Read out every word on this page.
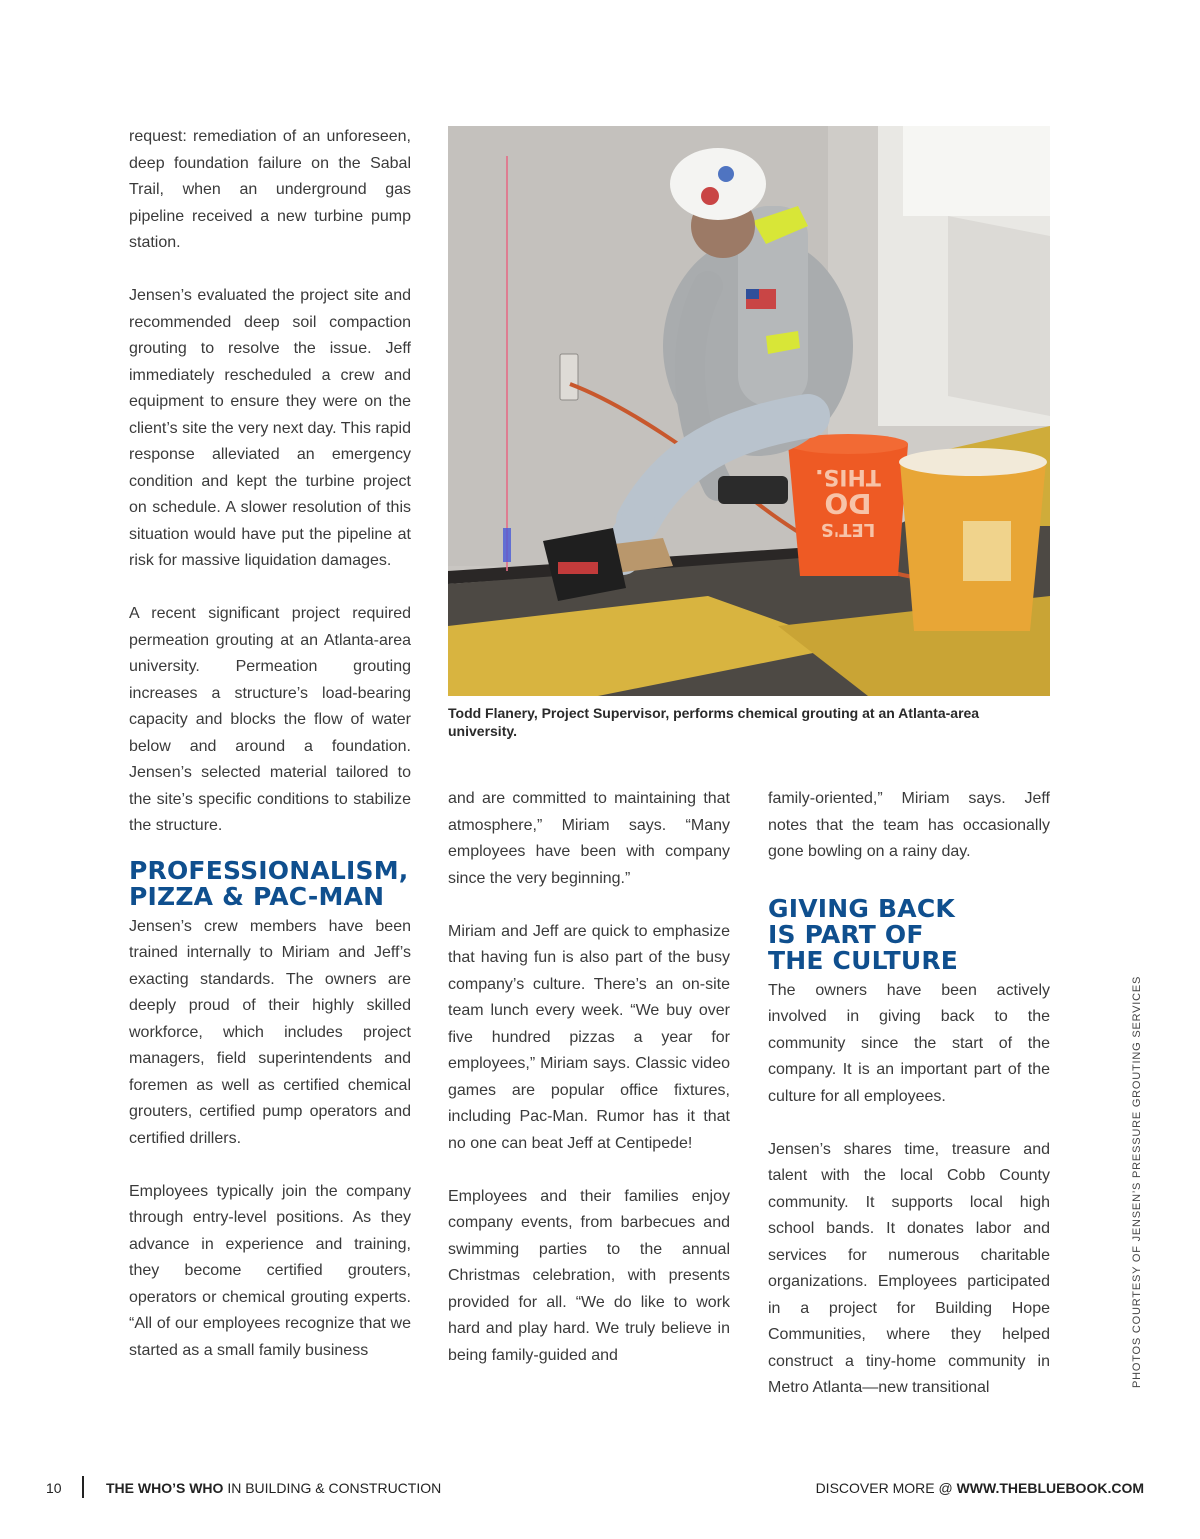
request: remediation of an unforeseen, deep foundation failure on the Sabal Trail, when an underground gas pipeline received a new turbine pump station.

Jensen’s evaluated the project site and recommended deep soil compaction grouting to resolve the issue. Jeff immediately rescheduled a crew and equipment to ensure they were on the client’s site the very next day. This rapid response alleviated an emergency condition and kept the turbine project on schedule. A slower resolution of this situation would have put the pipeline at risk for massive liquidation damages.

A recent significant project required permeation grouting at an Atlanta-area university. Permeation grouting increases a structure’s load-bearing capacity and blocks the flow of water below and around a foundation. Jensen’s selected material tailored to the site’s specific conditions to stabilize the structure.

PROFESSIONALISM, PIZZA & PAC-MAN

Jensen’s crew members have been trained internally to Miriam and Jeff’s exacting standards. The owners are deeply proud of their highly skilled workforce, which includes project managers, field superintendents and foremen as well as certified chemical grouters, certified pump operators and certified drillers.

Employees typically join the company through entry-level positions. As they advance in experience and training, they become certified grouters, operators or chemical grouting experts. “All of our employees recognize that we started as a small family business

THIS.
DO
LET'S
Todd Flanery, Project Supervisor, performs chemical grouting at an Atlanta-area university.

and are committed to maintaining that atmosphere,” Miriam says. “Many employees have been with company since the very beginning.”

Miriam and Jeff are quick to emphasize that having fun is also part of the busy company’s culture. There’s an on-site team lunch every week. “We buy over five hundred pizzas a year for employees,” Miriam says. Classic video games are popular office fixtures, including Pac-Man. Rumor has it that no one can beat Jeff at Centipede!

Employees and their families enjoy company events, from barbecues and swimming parties to the annual Christmas celebration, with presents provided for all. “We do like to work hard and play hard. We truly believe in being family-guided and

family-oriented,” Miriam says. Jeff notes that the team has occasionally gone bowling on a rainy day.

GIVING BACK IS PART OF THE CULTURE

The owners have been actively involved in giving back to the community since the start of the company. It is an important part of the culture for all employees.

Jensen’s shares time, treasure and talent with the local Cobb County community. It supports local high school bands. It donates labor and services for numerous charitable organizations. Employees participated in a project for Building Hope Communities, where they helped construct a tiny-home community in Metro Atlanta—new transitional	PHOTOS COURTESY OF JENSEN’S PRESSURE GROUTING SERVICES
10	THE WHO’S WHO IN BUILDING & CONSTRUCTION	DISCOVER MORE @ WWW.THEBLUEBOOK.COM
